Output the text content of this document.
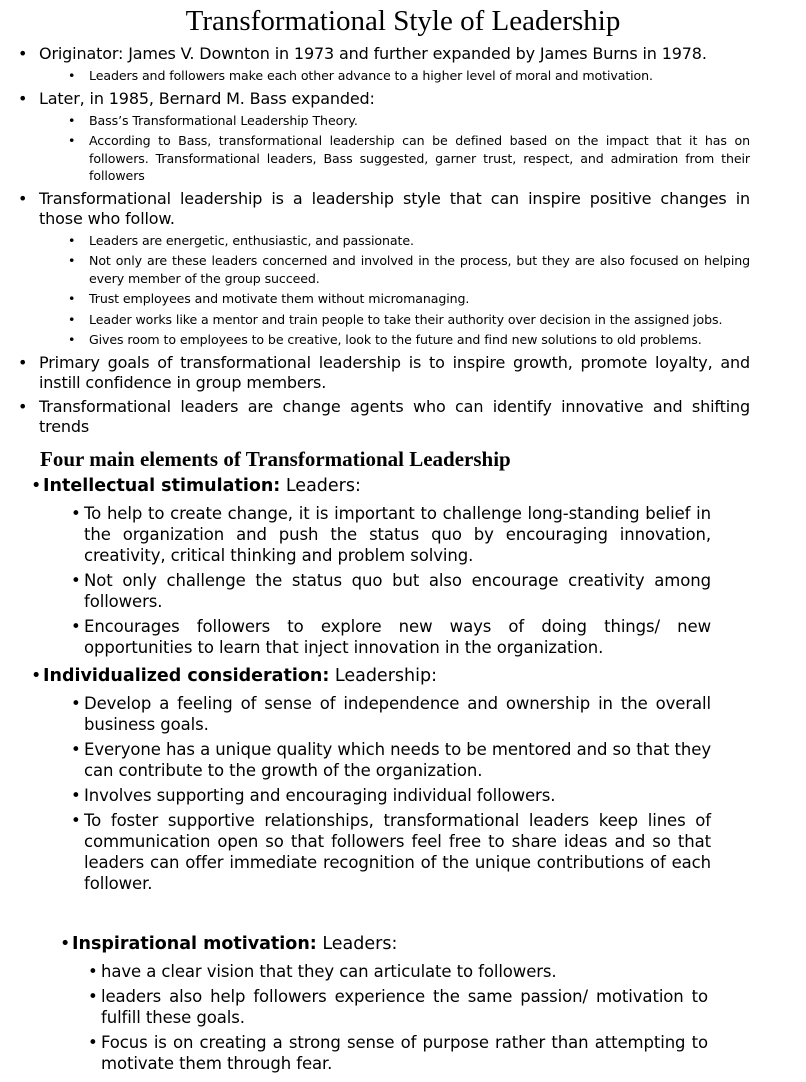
Transformational Style of Leadership
• Originator: James V. Downton in 1973 and further expanded by James Burns in 1978.
• Leaders and followers make each other advance to a higher level of moral and motivation.
• Later, in 1985, Bernard M. Bass expanded:
• Bass’s Transformational Leadership Theory.
• According to Bass, transformational leadership can be defined based on the impact that it has on followers. Transformational leaders, Bass suggested, garner trust, respect, and admiration from their followers
• Transformational leadership is a leadership style that can inspire positive changes in those who follow.
• Leaders are energetic, enthusiastic, and passionate.
• Not only are these leaders concerned and involved in the process, but they are also focused on helping every member of the group succeed.
• Trust employees and motivate them without micromanaging.
• Leader works like a mentor and train people to take their authority over decision in the assigned jobs.
• Gives room to employees to be creative, look to the future and find new solutions to old problems.
• Primary goals of transformational leadership is to inspire growth, promote loyalty, and instill confidence in group members.
• Transformational leaders are change agents who can identify innovative and shifting trends
Four main elements of Transformational Leadership
• Intellectual stimulation: Leaders:
• To help to create change, it is important to challenge long-standing belief in the organization and push the status quo by encouraging innovation, creativity, critical thinking and problem solving.
• Not only challenge the status quo but also encourage creativity among followers.
• Encourages followers to explore new ways of doing things/ new opportunities to learn that inject innovation in the organization.
• Individualized consideration: Leadership:
• Develop a feeling of sense of independence and ownership in the overall business goals.
• Everyone has a unique quality which needs to be mentored and so that they can contribute to the growth of the organization.
• Involves supporting and encouraging individual followers.
• To foster supportive relationships, transformational leaders keep lines of communication open so that followers feel free to share ideas and so that leaders can offer immediate recognition of the unique contributions of each follower.
• Inspirational motivation: Leaders:
• have a clear vision that they can articulate to followers.
• leaders also help followers experience the same passion/ motivation to fulfill these goals.
• Focus is on creating a strong sense of purpose rather than attempting to motivate them through fear.
